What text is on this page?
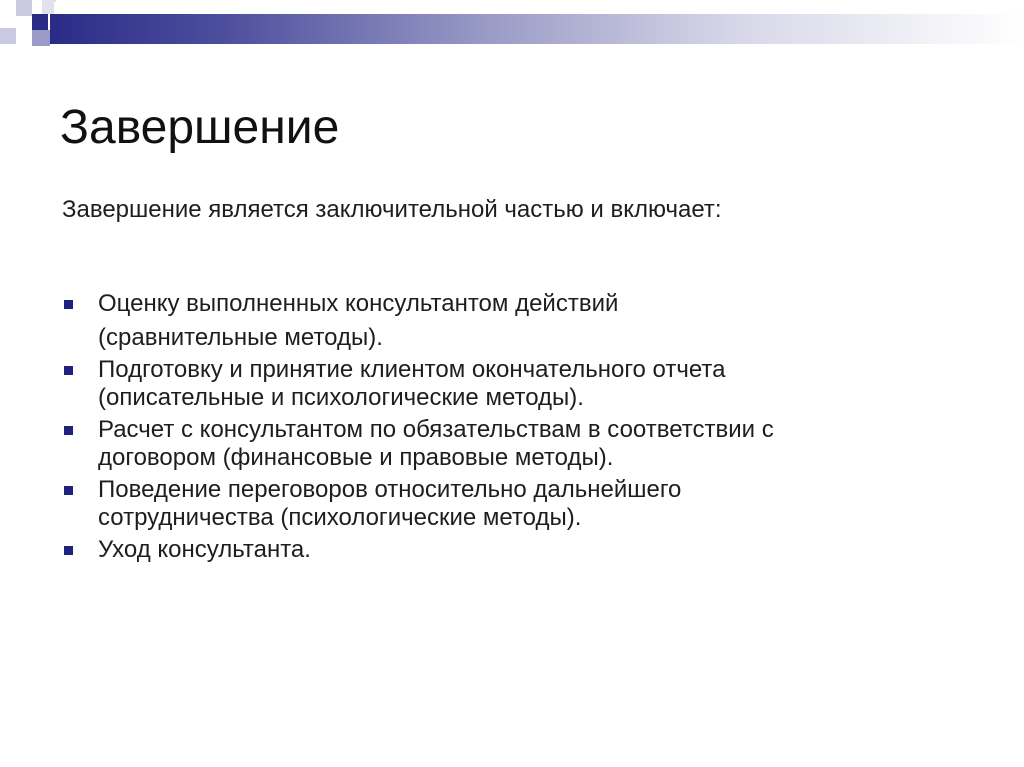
Завершение
Завершение является заключительной частью и включает:
Оценку выполненных консультантом действий
(сравнительные методы).
Подготовку и принятие клиентом окончательного отчета
(описательные и психологические методы).
Расчет с консультантом по обязательствам в соответствии с
договором (финансовые и правовые методы).
Поведение переговоров относительно дальнейшего
сотрудничества (психологические методы).
Уход консультанта.
